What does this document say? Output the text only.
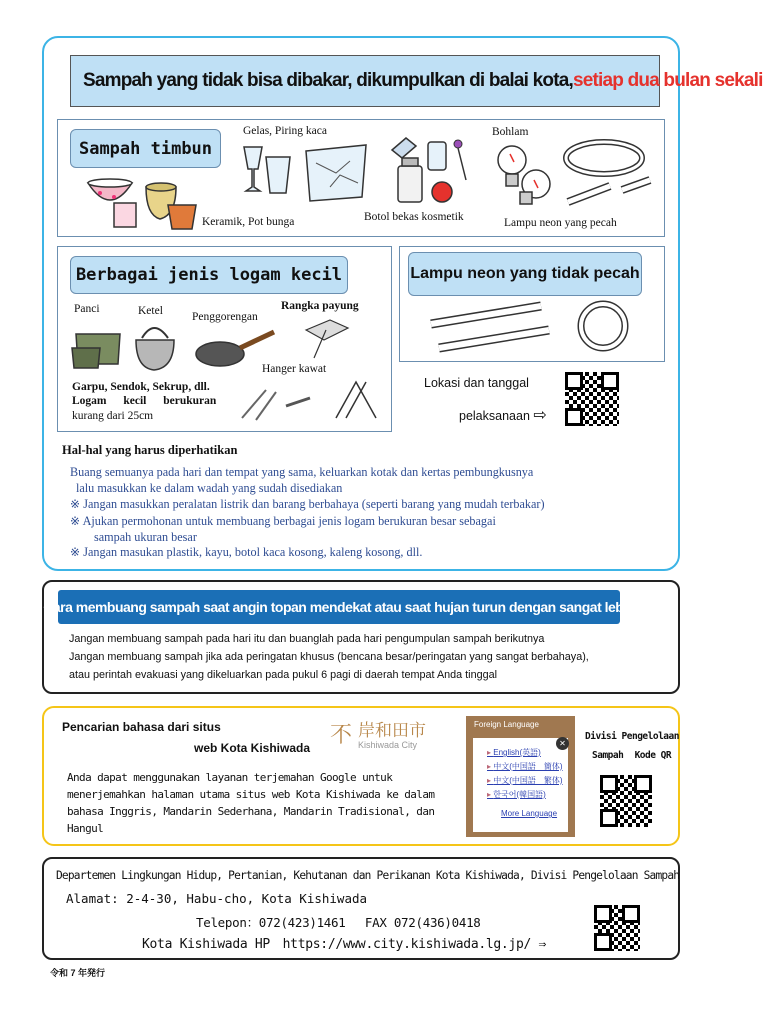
Sampah yang tidak bisa dibakar, dikumpulkan di balai kota, setiap dua bulan sekali
Sampah timbun
Keramik, Pot bunga
Gelas, Piring kaca
Botol bekas kosmetik
Bohlam
Lampu neon yang pecah
Berbagai jenis logam kecil
Panci	Ketel	Penggorengan
Rangka payung
Hanger kawat
Garpu, Sendok, Sekrup, dll.
Logam kecil berukuran
kurang dari 25cm
Lampu neon yang tidak pecah
Lokasi dan tanggal
pelaksanaan ⇨
Hal-hal yang harus diperhatikan
Buang semuanya pada hari dan tempat yang sama, keluarkan kotak dan kertas pembungkusnya
lalu masukkan ke dalam wadah yang sudah disediakan
※ Jangan masukkan peralatan listrik dan barang berbahaya (seperti barang yang mudah terbakar)
※ Ajukan permohonan untuk membuang berbagai jenis logam berukuran besar sebagai
sampah ukuran besar
※ Jangan masukan plastik, kayu, botol kaca kosong, kaleng kosong, dll.
Cara membuang sampah saat angin topan mendekat atau saat hujan turun dengan sangat lebat
Jangan membuang sampah pada hari itu dan buanglah pada hari pengumpulan sampah berikutnya
Jangan membuang sampah jika ada peringatan khusus (bencana besar/peringatan yang sangat berbahaya),
atau perintah evakuasi yang dikeluarkan pada pukul 6 pagi di daerah tempat Anda tinggal
Pencarian bahasa dari situs
web Kota Kishiwada
不 岸和田市
Kishiwada City
Anda dapat menggunakan layanan terjemahan Google untuk
menerjemahkan halaman utama situs web Kota Kishiwada ke dalam
bahasa Inggris, Mandarin Sederhana, Mandarin Tradisional, dan
Hangul
Foreign Language
▸ English(英語)
▸ 中文(中国語　簡体)
▸ 中文(中国語　繁体)
▸ 한국어(韓国語)
More Language
✕
Divisi Pengelolaan
Sampah Kode QR
Departemen Lingkungan Hidup, Pertanian, Kehutanan dan Perikanan Kota Kishiwada, Divisi Pengelolaan Sampah
Alamat: 2-4-30, Habu-cho, Kota Kishiwada
Telepon：072(423)1461　 FAX 072(436)0418
Kota Kishiwada HP　https://www.city.kishiwada.lg.jp/ ⇒
令和 7 年発行
